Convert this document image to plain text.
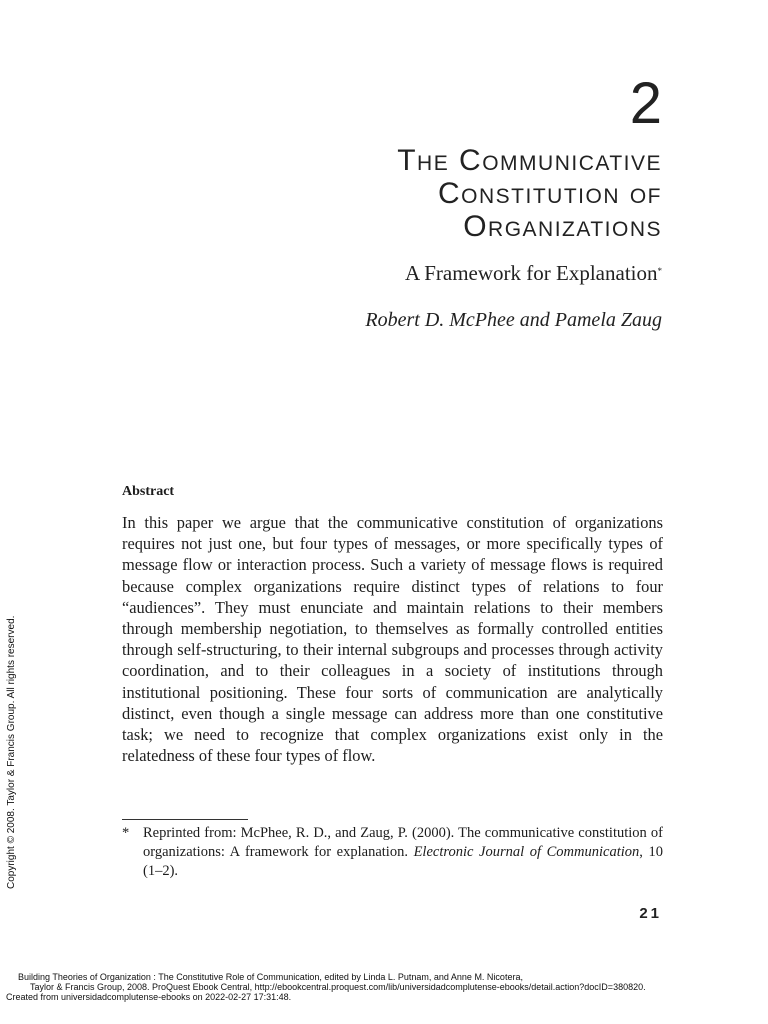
2
The Communicative
Constitution of
Organizations
A Framework for Explanation*
Robert D. McPhee and Pamela Zaug
Abstract
In this paper we argue that the communicative constitution of organizations requires not just one, but four types of messages, or more specifically types of message flow or interaction process. Such a variety of message flows is required because complex organizations require distinct types of relations to four “audiences”. They must enunciate and maintain relations to their members through membership negotiation, to themselves as formally controlled entities through self-structuring, to their internal subgroups and processes through activity coordination, and to their colleagues in a society of institutions through institutional positioning. These four sorts of communication are analytically distinct, even though a single message can address more than one constitutive task; we need to recognize that complex organizations exist only in the relatedness of these four types of flow.
* Reprinted from: McPhee, R. D., and Zaug, P. (2000). The communicative constitution of organizations: A framework for explanation. Electronic Journal of Communication, 10 (1–2).
21
Copyright © 2008. Taylor & Francis Group. All rights reserved.
Building Theories of Organization : The Constitutive Role of Communication, edited by Linda L. Putnam, and Anne M. Nicotera,
Taylor & Francis Group, 2008. ProQuest Ebook Central, http://ebookcentral.proquest.com/lib/universidadcomplutense-ebooks/detail.action?docID=380820.
Created from universidadcomplutense-ebooks on 2022-02-27 17:31:48.
